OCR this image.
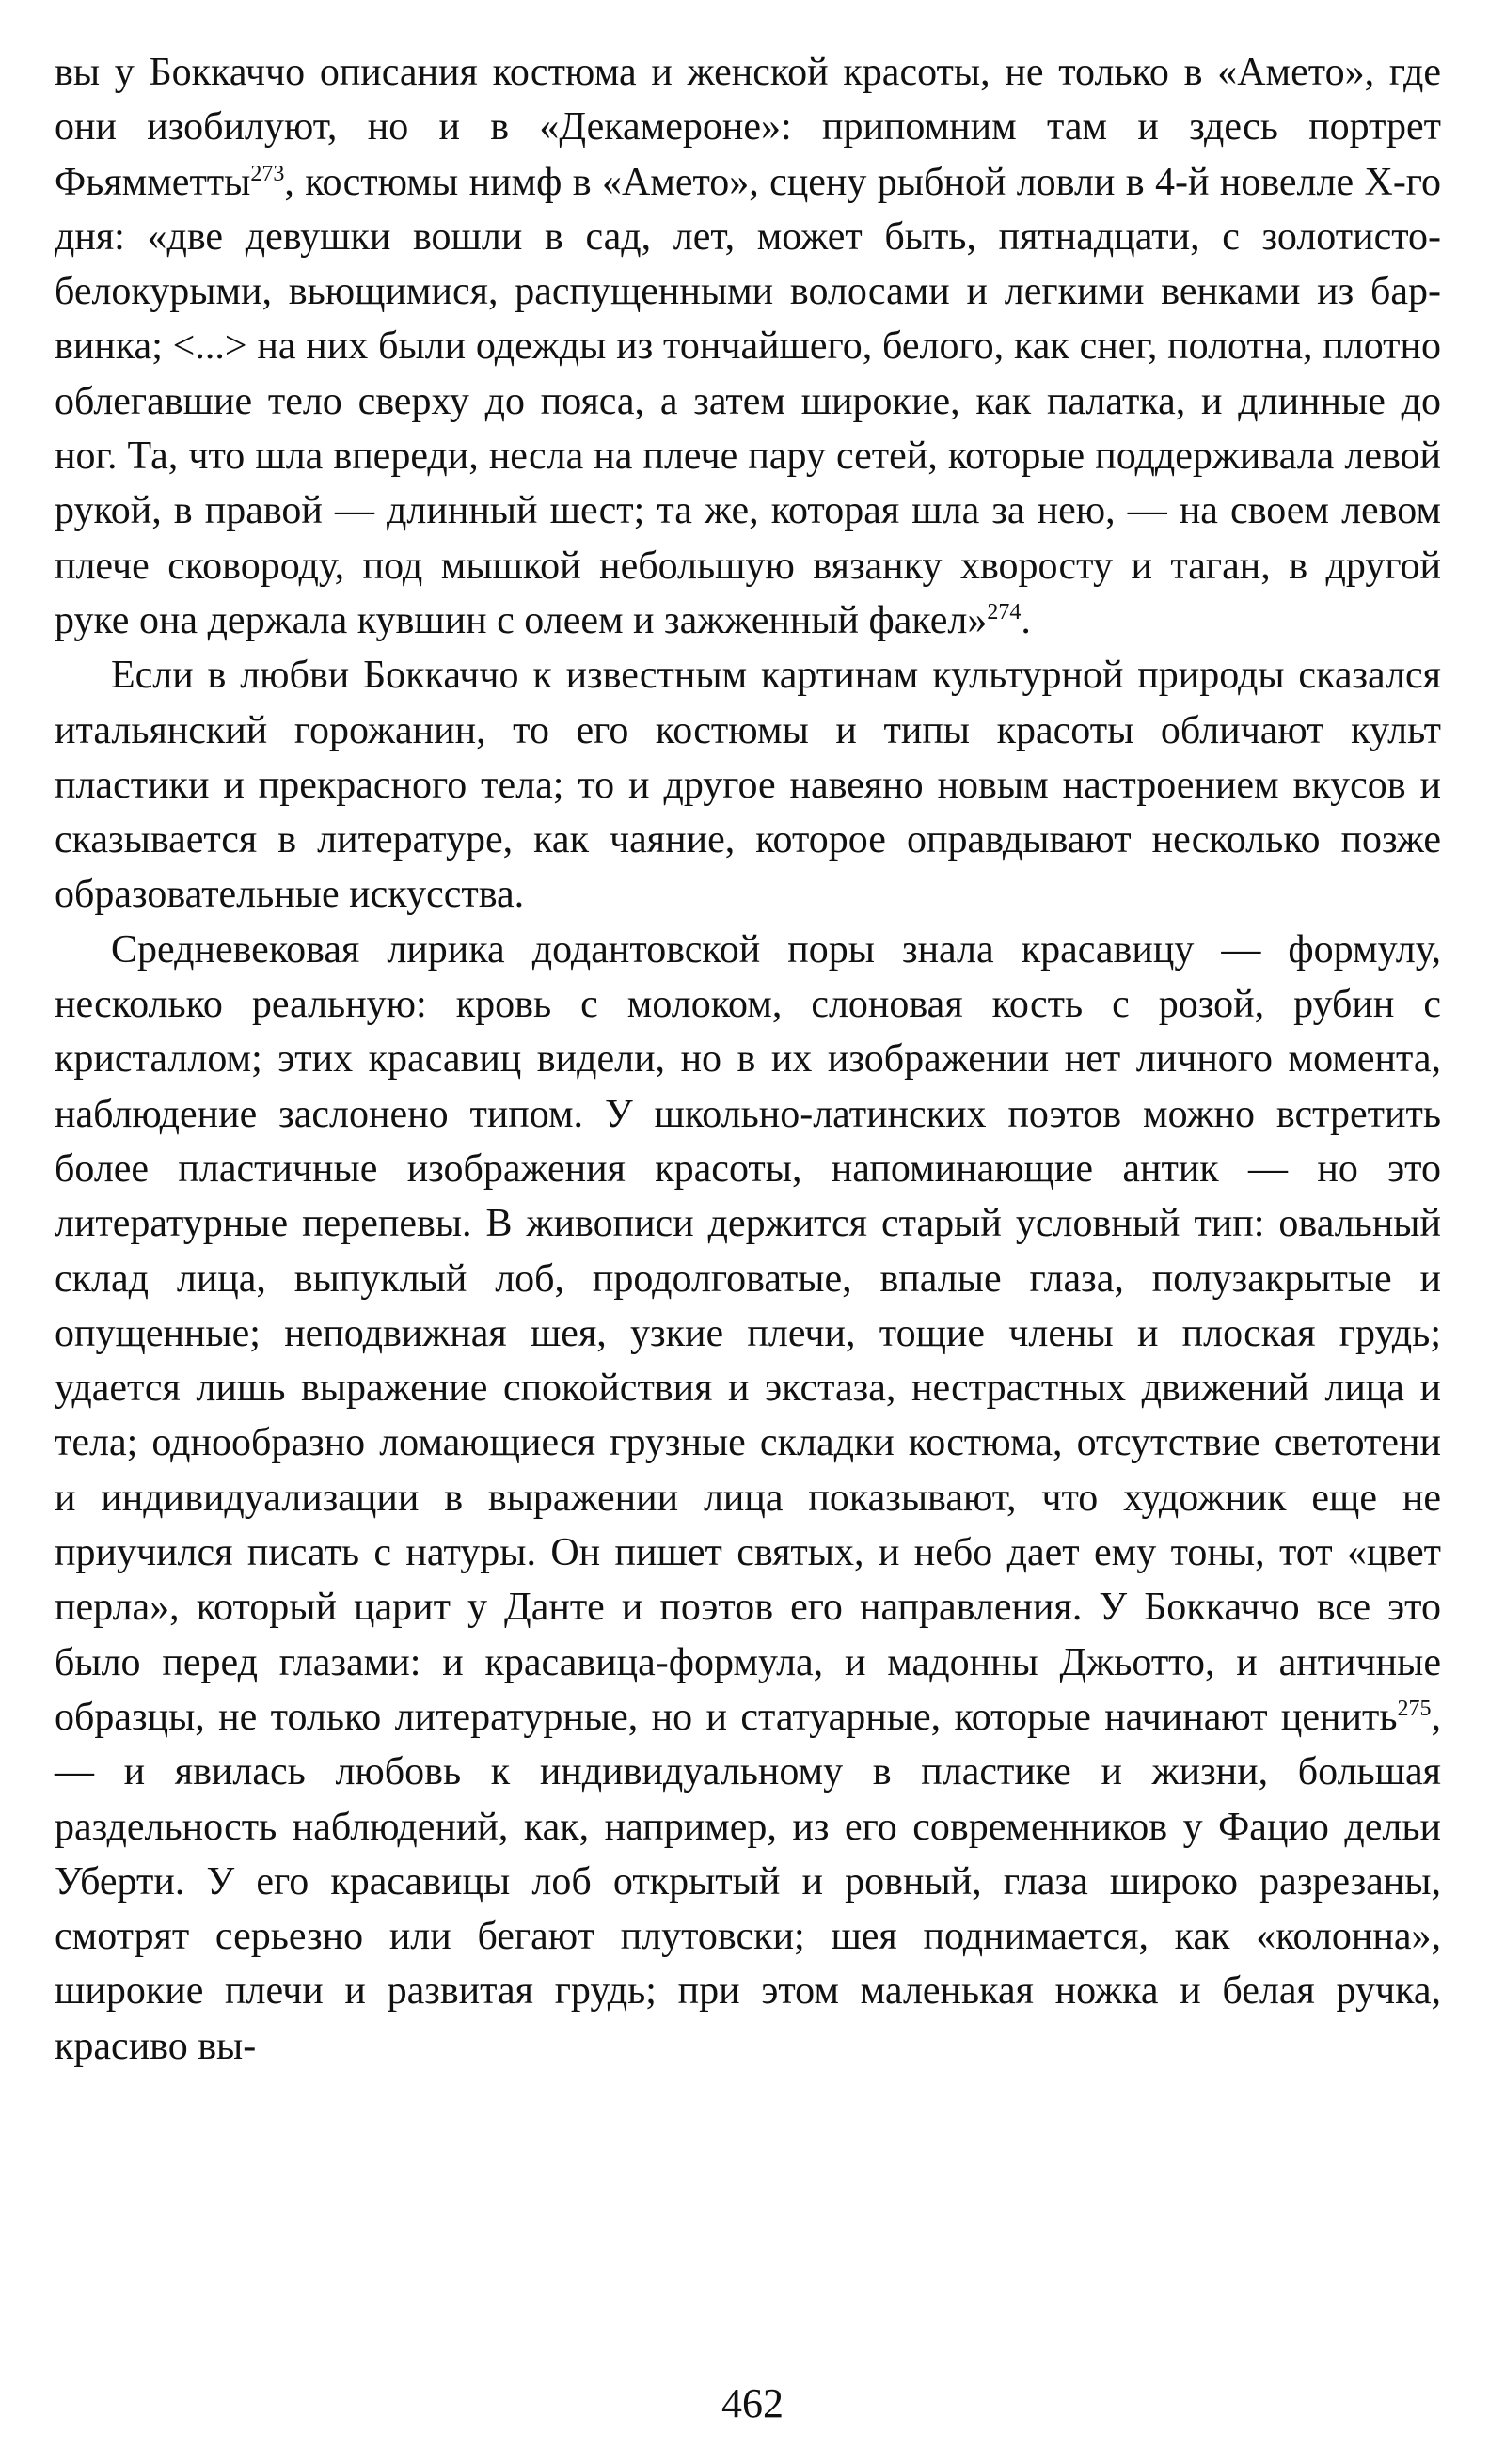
вы у Боккаччо описания костюма и женской красоты, не только в «Амето», где они изобилуют, но и в «Декамероне»: припомним там и здесь портрет Фьямметты$^{273}$, костюмы нимф в «Амето», сцену рыбной ловли в 4-й новелле X-го дня: «две девушки вошли в сад, лет, может быть, пятнадцати, с золотисто-белокурыми, вьющимися, распущенными волосами и легкими венками из барвинка; <...> на них были одежды из тончайшего, белого, как снег, полотна, плотно облегавшие тело сверху до пояса, а затем широкие, как палатка, и длинные до ног. Та, что шла впереди, несла на плече пару сетей, которые поддерживала левой рукой, в правой — длинный шест; та же, которая шла за нею, — на своем левом плече сковороду, под мышкой небольшую вязанку хворосту и таган, в другой руке она держала кувшин с олеем и зажженный факел»$^{274}$.

Если в любви Боккаччо к известным картинам культурной природы сказался итальянский горожанин, то его костюмы и типы красоты обличают культ пластики и прекрасного тела; то и другое навеяно новым настроением вкусов и сказывается в литературе, как чаяние, которое оправдывают несколько позже образовательные искусства.

Средневековая лирика додантовской поры знала красавицу — формулу, несколько реальную: кровь с молоком, слоновая кость с розой, рубин с кристаллом; этих красавиц видели, но в их изображении нет личного момента, наблюдение заслонено типом. У школьно-латинских поэтов можно встретить более пластичные изображения красоты, напоминающие антик — но это литературные перепевы. В живописи держится старый условный тип: овальный склад лица, выпуклый лоб, продолговатые, впалые глаза, полузакрытые и опущенные; неподвижная шея, узкие плечи, тощие члены и плоская грудь; удается лишь выражение спокойствия и экстаза, нестрастных движений лица и тела; однообразно ломающиеся грузные складки костюма, отсутствие светотени и индивидуализации в выражении лица показывают, что художник еще не приучился писать с натуры. Он пишет святых, и небо дает ему тоны, тот «цвет перла», который царит у Данте и поэтов его направления. У Боккаччо все это было перед глазами: и красавица-формула, и мадонны Джьотто, и античные образцы, не только литературные, но и статуарные, которые начинают ценить$^{275}$, — и явилась любовь к индивидуальному в пластике и жизни, большая раздельность наблюдений, как, например, из его современников у Фацио дельи Уберти. У его красавицы лоб открытый и ровный, глаза широко разрезаны, смотрят серьезно или бегают плутовски; шея поднимается, как «колонна», широкие плечи и развитая грудь; при этом маленькая ножка и белая ручка, красиво вы-

462
